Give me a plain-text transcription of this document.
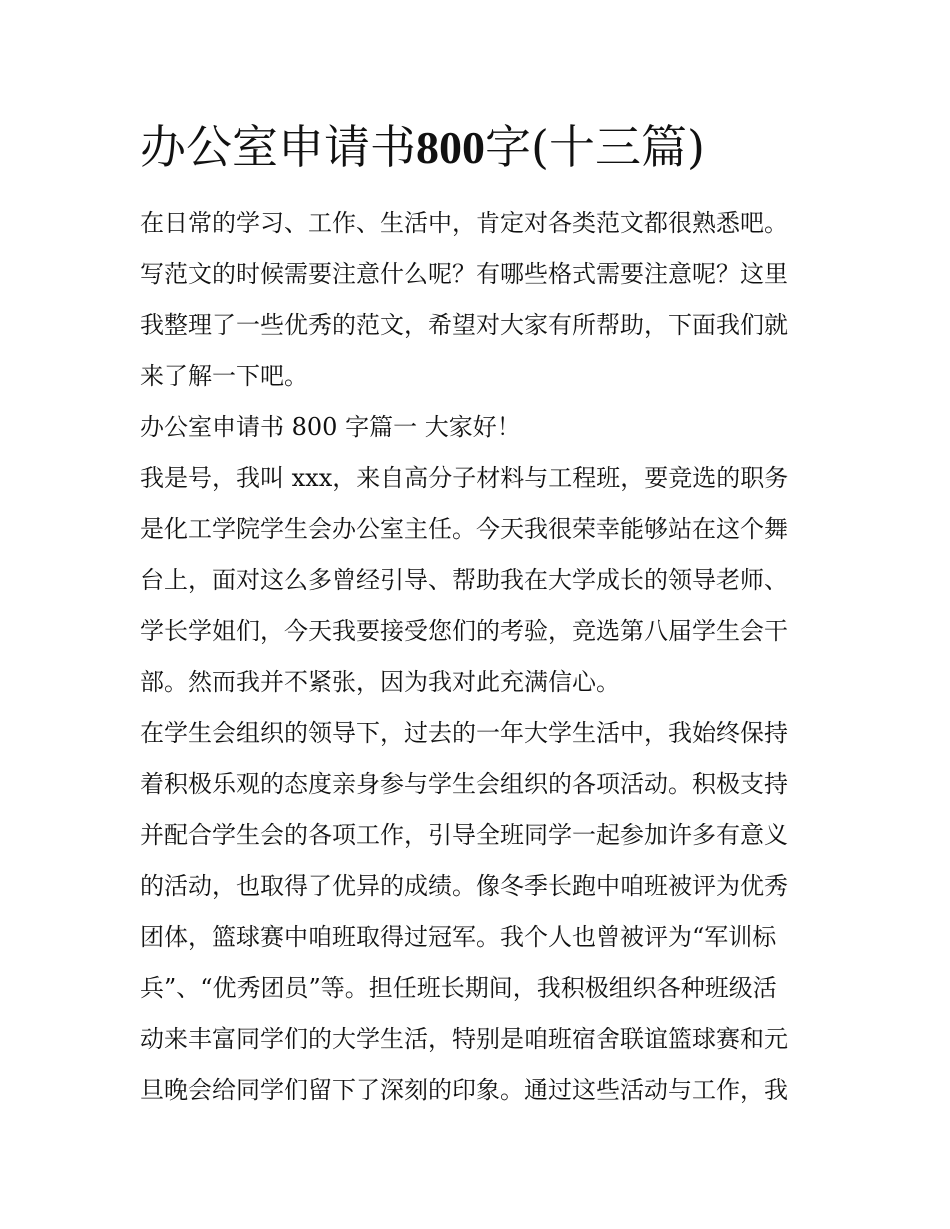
办公室申请书800字(十三篇)
在日常的学习、工作、生活中，肯定对各类范文都很熟悉吧。
写范文的时候需要注意什么呢？有哪些格式需要注意呢？这里
我整理了一些优秀的范文，希望对大家有所帮助，下面我们就
来了解一下吧。
办公室申请书 800 字篇一 大家好！
我是号，我叫 xxx，来自高分子材料与工程班，要竞选的职务
是化工学院学生会办公室主任。今天我很荣幸能够站在这个舞
台上，面对这么多曾经引导、帮助我在大学成长的领导老师、
学长学姐们，今天我要接受您们的考验，竞选第八届学生会干
部。然而我并不紧张，因为我对此充满信心。
在学生会组织的领导下，过去的一年大学生活中，我始终保持
着积极乐观的态度亲身参与学生会组织的各项活动。积极支持
并配合学生会的各项工作，引导全班同学一起参加许多有意义
的活动，也取得了优异的成绩。像冬季长跑中咱班被评为优秀
团体，篮球赛中咱班取得过冠军。我个人也曾被评为“军训标
兵”、“优秀团员”等。担任班长期间，我积极组织各种班级活
动来丰富同学们的大学生活，特别是咱班宿舍联谊篮球赛和元
旦晚会给同学们留下了深刻的印象。通过这些活动与工作，我
